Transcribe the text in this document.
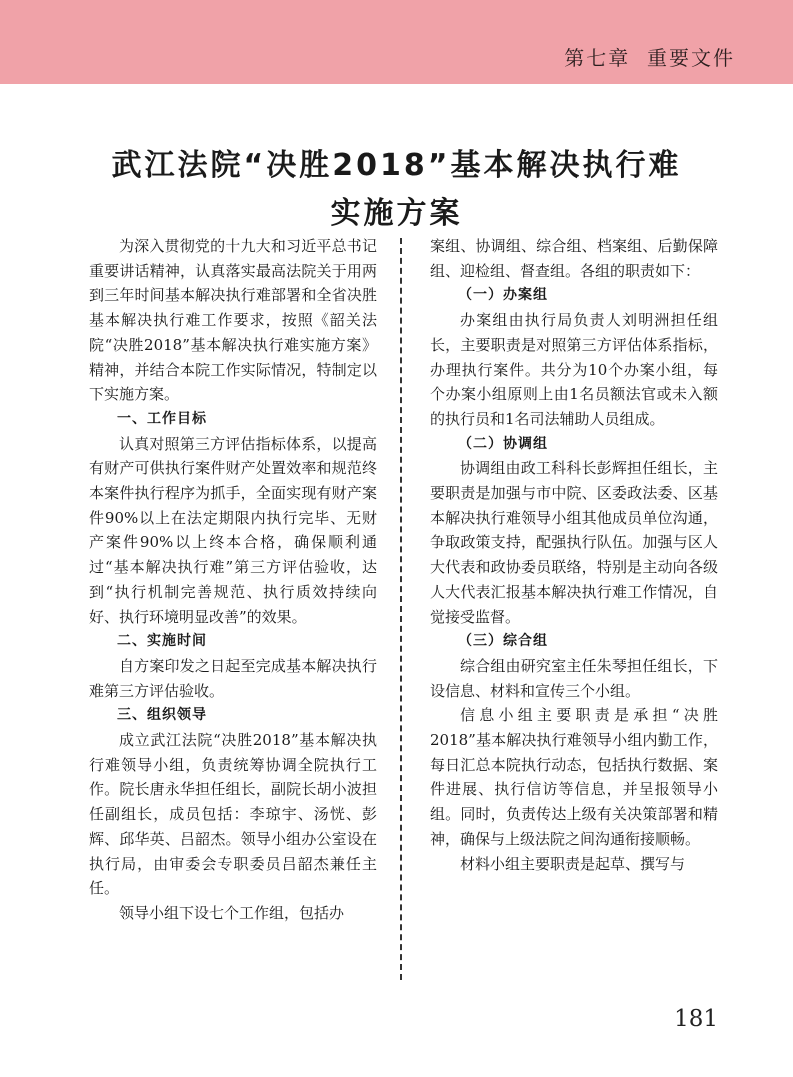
第七章  重要文件
武江法院“决胜2018”基本解决执行难
实施方案

为深入贯彻党的十九大和习近平总书记重要讲话精神，认真落实最高法院关于用两到三年时间基本解决执行难部署和全省决胜基本解决执行难工作要求，按照《韶关法院“决胜2018”基本解决执行难实施方案》精神，并结合本院工作实际情况，特制定以下实施方案。

一、工作目标

认真对照第三方评估指标体系，以提高有财产可供执行案件财产处置效率和规范终本案件执行程序为抓手，全面实现有财产案件90%以上在法定期限内执行完毕、无财产案件90%以上终本合格，确保顺利通过“基本解决执行难”第三方评估验收，达到“执行机制完善规范、执行质效持续向好、执行环境明显改善”的效果。

二、实施时间

自方案印发之日起至完成基本解决执行难第三方评估验收。

三、组织领导

成立武江法院“决胜2018”基本解决执行难领导小组，负责统筹协调全院执行工作。院长唐永华担任组长，副院长胡小波担任副组长，成员包括：李琼宇、汤恍、彭辉、邱华英、吕韶杰。领导小组办公室设在执行局，由审委会专职委员吕韶杰兼任主任。

领导小组下设七个工作组，包括办

案组、协调组、综合组、档案组、后勤保障组、迎检组、督查组。各组的职责如下：

（一）办案组

办案组由执行局负责人刘明洲担任组长，主要职责是对照第三方评估体系指标，办理执行案件。共分为10个办案小组，每个办案小组原则上由1名员额法官或未入额的执行员和1名司法辅助人员组成。

（二）协调组

协调组由政工科科长彭辉担任组长，主要职责是加强与市中院、区委政法委、区基本解决执行难领导小组其他成员单位沟通，争取政策支持，配强执行队伍。加强与区人大代表和政协委员联络，特别是主动向各级人大代表汇报基本解决执行难工作情况，自觉接受监督。

（三）综合组

综合组由研究室主任朱琴担任组长，下设信息、材料和宣传三个小组。

信息小组主要职责是承担“决胜2018”基本解决执行难领导小组内勤工作，每日汇总本院执行动态，包括执行数据、案件进展、执行信访等信息，并呈报领导小组。同时，负责传达上级有关决策部署和精神，确保与上级法院之间沟通衔接顺畅。

材料小组主要职责是起草、撰写与

181
